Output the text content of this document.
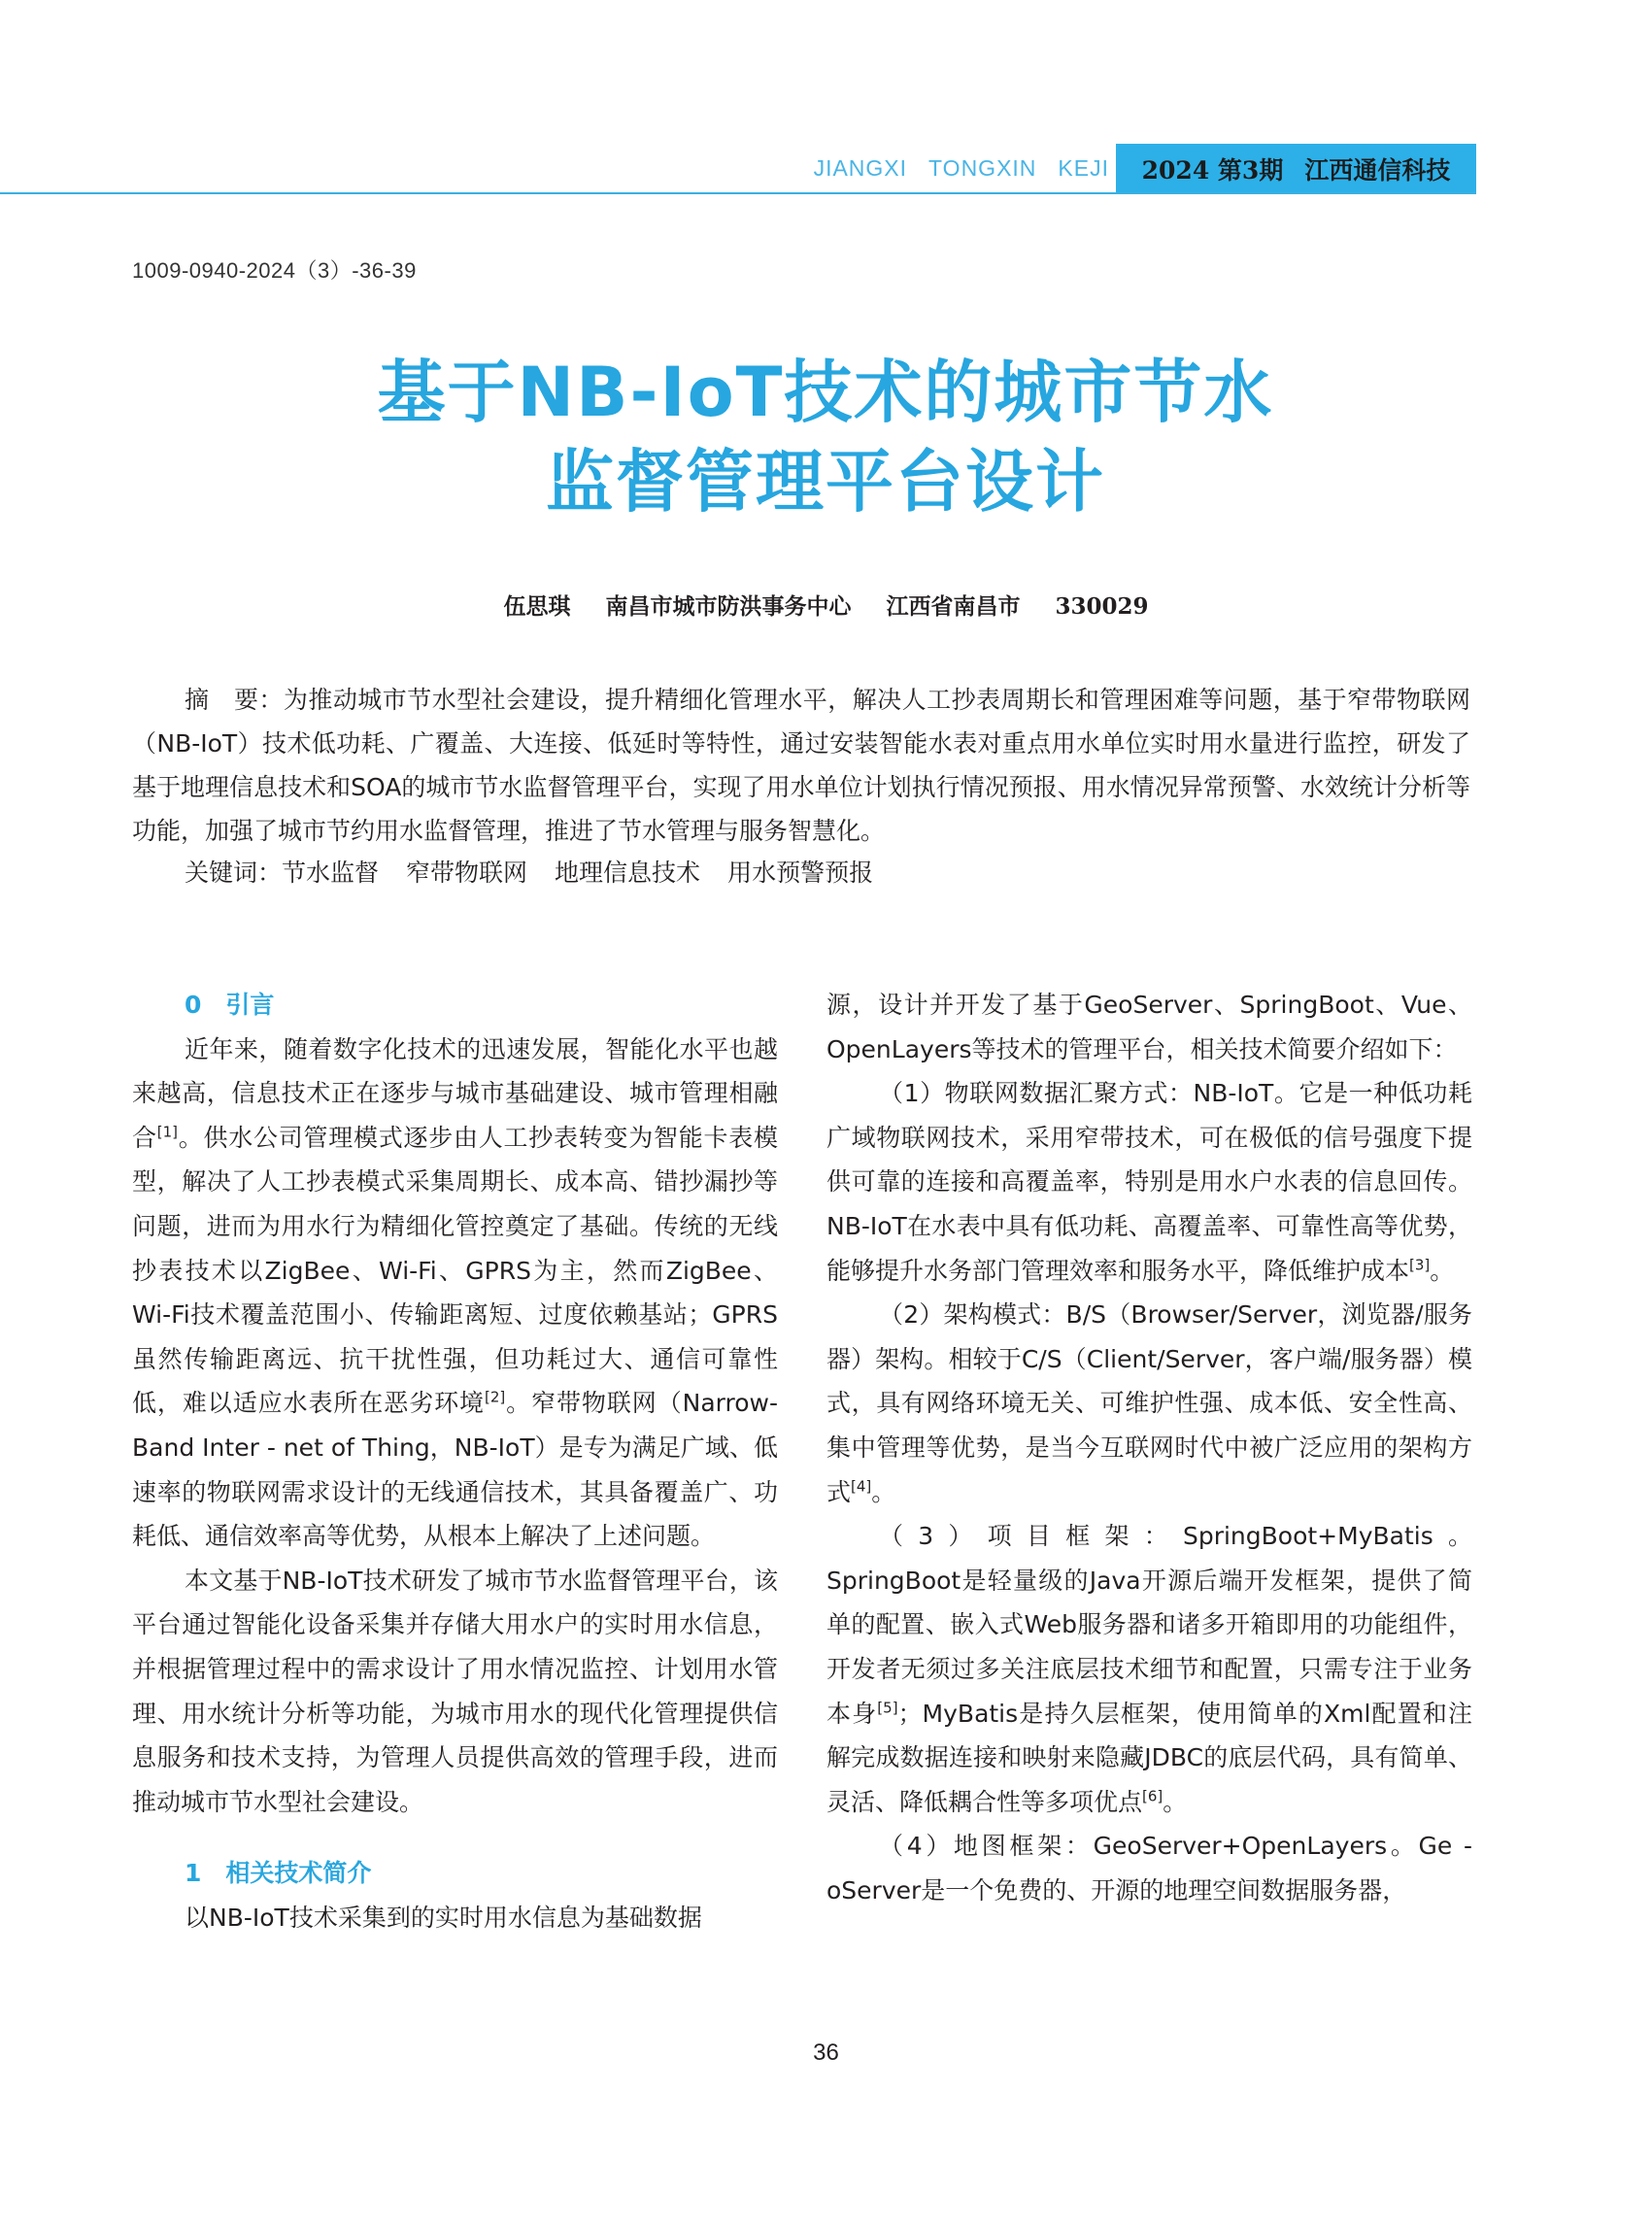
JIANGXI TONGXIN KEJI 2024 第3期 江西通信科技
1009-0940-2024（3）-36-39
基于NB-IoT技术的城市节水
监督管理平台设计
伍思琪 南昌市城市防洪事务中心 江西省南昌市 330029
摘　要：为推动城市节水型社会建设，提升精细化管理水平，解决人工抄表周期长和管理困难等问题，基于窄带物联网（NB-IoT）技术低功耗、广覆盖、大连接、低延时等特性，通过安装智能水表对重点用水单位实时用水量进行监控，研发了基于地理信息技术和SOA的城市节水监督管理平台，实现了用水单位计划执行情况预报、用水情况异常预警、水效统计分析等功能，加强了城市节约用水监督管理，推进了节水管理与服务智慧化。
关键词：节水监督 窄带物联网 地理信息技术 用水预警预报
0　引言

近年来，随着数字化技术的迅速发展，智能化水平也越来越高，信息技术正在逐步与城市基础建设、城市管理相融合[1]。供水公司管理模式逐步由人工抄表转变为智能卡表模型，解决了人工抄表模式采集周期长、成本高、错抄漏抄等问题，进而为用水行为精细化管控奠定了基础。传统的无线抄表技术以ZigBee、Wi-Fi、GPRS为主，然而ZigBee、Wi-Fi技术覆盖范围小、传输距离短、过度依赖基站；GPRS虽然传输距离远、抗干扰性强，但功耗过大、通信可靠性低，难以适应水表所在恶劣环境[2]。窄带物联网（Narrow-Band Inter - net of Thing，NB-IoT）是专为满足广域、低速率的物联网需求设计的无线通信技术，其具备覆盖广、功耗低、通信效率高等优势，从根本上解决了上述问题。

本文基于NB-IoT技术研发了城市节水监督管理平台，该平台通过智能化设备采集并存储大用水户的实时用水信息，并根据管理过程中的需求设计了用水情况监控、计划用水管理、用水统计分析等功能，为城市用水的现代化管理提供信息服务和技术支持，为管理人员提供高效的管理手段，进而推动城市节水型社会建设。

1　相关技术简介

以NB-IoT技术采集到的实时用水信息为基础数据

源，设计并开发了基于GeoServer、SpringBoot、Vue、OpenLayers等技术的管理平台，相关技术简要介绍如下：

（1）物联网数据汇聚方式：NB-IoT。它是一种低功耗广域物联网技术，采用窄带技术，可在极低的信号强度下提供可靠的连接和高覆盖率，特别是用水户水表的信息回传。NB-IoT在水表中具有低功耗、高覆盖率、可靠性高等优势，能够提升水务部门管理效率和服务水平，降低维护成本[3]。

（2）架构模式：B/S（Browser/Server，浏览器/服务器）架构。相较于C/S（Client/Server，客户端/服务器）模式，具有网络环境无关、可维护性强、成本低、安全性高、集中管理等优势，是当今互联网时代中被广泛应用的架构方式[4]。

（3）项目框架：SpringBoot+MyBatis。SpringBoot是轻量级的Java开源后端开发框架，提供了简单的配置、嵌入式Web服务器和诸多开箱即用的功能组件，开发者无须过多关注底层技术细节和配置，只需专注于业务本身[5]；MyBatis是持久层框架，使用简单的Xml配置和注解完成数据连接和映射来隐藏JDBC的底层代码，具有简单、灵活、降低耦合性等多项优点[6]。

（4）地图框架：GeoServer+OpenLayers。Ge - oServer是一个免费的、开源的地理空间数据服务器，

36
